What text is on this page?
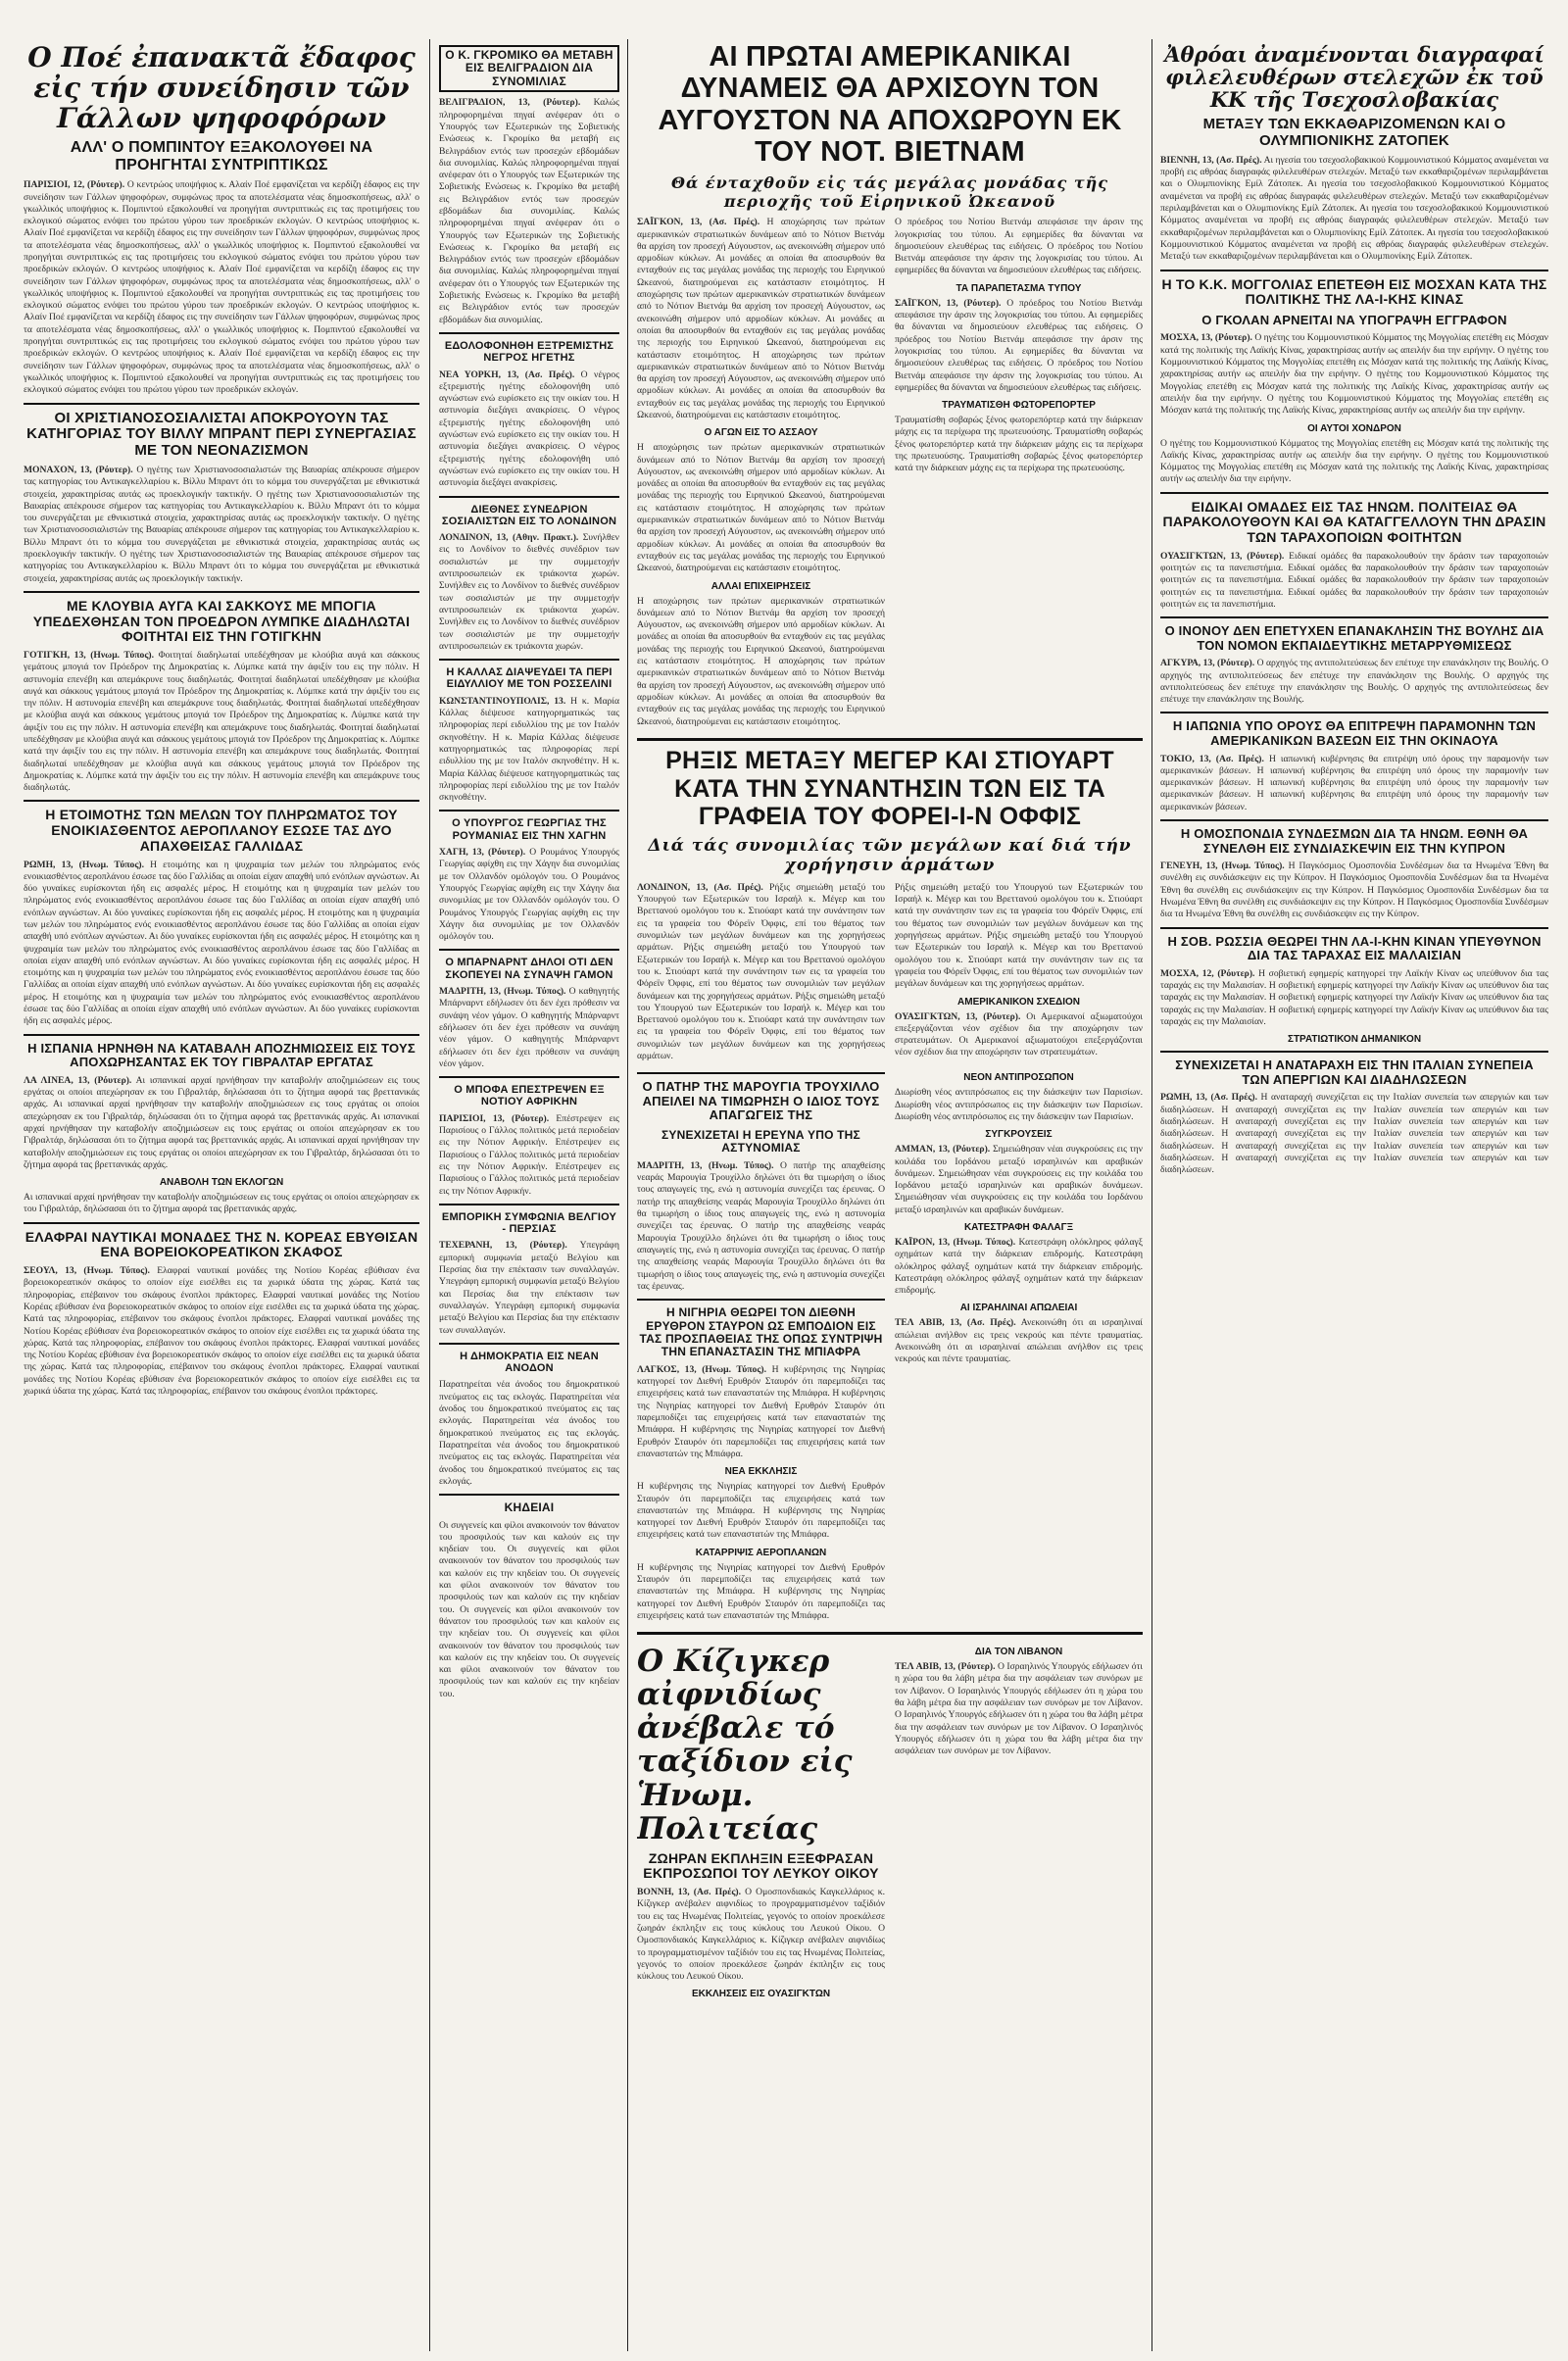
Ο Ποέ ἐπανακτᾶ ἔδαφος εἰς τήν συνείδησιν τῶν Γάλλων ψηφοφόρων
ΑΛΛ' Ο ΠΟΜΠΙΝΤΟΥ ΕΞΑΚΟΛΟΥΘΕΙ ΝΑ ΠΡΟΗΓΗΤΑΙ ΣΥΝΤΡΙΠΤΙΚΩΣ

ΠΑΡΙΣΙΟΙ, 12, (Ρόυτερ). Ο κεντρώος υποψήφιος κ. Αλαίν Ποέ εμφανίζεται να κερδίζη έδαφος εις την συνείδησιν των Γάλλων ψηφοφόρων, συμφώνως προς τα αποτελέσματα νέας δημοσκοπήσεως, αλλ' ο γκωλλικός υποψήφιος κ. Πομπιντού εξακολουθεί να προηγήται συντριπτικώς εις τας προτιμήσεις του εκλογικού σώματος ενόψει του πρώτου γύρου των προεδρικών εκλογών. Ο κεντρώος υποψήφιος κ. Αλαίν Ποέ εμφανίζεται να κερδίζη έδαφος εις την συνείδησιν των Γάλλων ψηφοφόρων, συμφώνως προς τα αποτελέσματα νέας δημοσκοπήσεως, αλλ' ο γκωλλικός υποψήφιος κ. Πομπιντού εξακολουθεί να προηγήται συντριπτικώς εις τας προτιμήσεις του εκλογικού σώματος ενόψει του πρώτου γύρου των προεδρικών εκλογών. Ο κεντρώος υποψήφιος κ. Αλαίν Ποέ εμφανίζεται να κερδίζη έδαφος εις την συνείδησιν των Γάλλων ψηφοφόρων, συμφώνως προς τα αποτελέσματα νέας δημοσκοπήσεως, αλλ' ο γκωλλικός υποψήφιος κ. Πομπιντού εξακολουθεί να προηγήται συντριπτικώς εις τας προτιμήσεις του εκλογικού σώματος ενόψει του πρώτου γύρου των προεδρικών εκλογών. Ο κεντρώος υποψήφιος κ. Αλαίν Ποέ εμφανίζεται να κερδίζη έδαφος εις την συνείδησιν των Γάλλων ψηφοφόρων, συμφώνως προς τα αποτελέσματα νέας δημοσκοπήσεως, αλλ' ο γκωλλικός υποψήφιος κ. Πομπιντού εξακολουθεί να προηγήται συντριπτικώς εις τας προτιμήσεις του εκλογικού σώματος ενόψει του πρώτου γύρου των προεδρικών εκλογών. Ο κεντρώος υποψήφιος κ. Αλαίν Ποέ εμφανίζεται να κερδίζη έδαφος εις την συνείδησιν των Γάλλων ψηφοφόρων, συμφώνως προς τα αποτελέσματα νέας δημοσκοπήσεως, αλλ' ο γκωλλικός υποψήφιος κ. Πομπιντού εξακολουθεί να προηγήται συντριπτικώς εις τας προτιμήσεις του εκλογικού σώματος ενόψει του πρώτου γύρου των προεδρικών εκλογών.

ΟΙ ΧΡΙΣΤΙΑΝΟΣΟΣΙΑΛΙΣΤΑΙ ΑΠΟΚΡΟΥΟΥΝ ΤΑΣ ΚΑΤΗΓΟΡΙΑΣ ΤΟΥ ΒΙΛΛΥ ΜΠΡΑΝΤ ΠΕΡΙ ΣΥΝΕΡΓΑΣΙΑΣ ΜΕ ΤΟΝ ΝΕΟΝΑΖΙΣΜΟΝ

ΜΟΝΑΧΟΝ, 13, (Ρόυτερ). Ο ηγέτης των Χριστιανοσοσιαλιστών της Βαυαρίας απέκρουσε σήμερον τας κατηγορίας του Αντικαγκελλαρίου κ. Βίλλυ Μπραντ ότι το κόμμα του συνεργάζεται με εθνικιστικά στοιχεία, χαρακτηρίσας αυτάς ως προεκλογικήν τακτικήν. Ο ηγέτης των Χριστιανοσοσιαλιστών της Βαυαρίας απέκρουσε σήμερον τας κατηγορίας του Αντικαγκελλαρίου κ. Βίλλυ Μπραντ ότι το κόμμα του συνεργάζεται με εθνικιστικά στοιχεία, χαρακτηρίσας αυτάς ως προεκλογικήν τακτικήν. Ο ηγέτης των Χριστιανοσοσιαλιστών της Βαυαρίας απέκρουσε σήμερον τας κατηγορίας του Αντικαγκελλαρίου κ. Βίλλυ Μπραντ ότι το κόμμα του συνεργάζεται με εθνικιστικά στοιχεία, χαρακτηρίσας αυτάς ως προεκλογικήν τακτικήν. Ο ηγέτης των Χριστιανοσοσιαλιστών της Βαυαρίας απέκρουσε σήμερον τας κατηγορίας του Αντικαγκελλαρίου κ. Βίλλυ Μπραντ ότι το κόμμα του συνεργάζεται με εθνικιστικά στοιχεία, χαρακτηρίσας αυτάς ως προεκλογικήν τακτικήν.

ΜΕ ΚΛΟΥΒΙΑ ΑΥΓΑ ΚΑΙ ΣΑΚΚΟΥΣ ΜΕ ΜΠΟΓΙΑ ΥΠΕΔΕΧΘΗΣΑΝ ΤΟΝ ΠΡΟΕΔΡΟΝ ΛΥΜΠΚΕ ΔΙΑΔΗΛΩΤΑΙ ΦΟΙΤΗΤΑΙ ΕΙΣ ΤΗΝ ΓΟΤΙΓΚΗΝ

ΓΟΤΙΓΚΗ, 13, (Ηνωμ. Τύπος). Φοιτηταί διαδηλωταί υπεδέχθησαν με κλούβια αυγά και σάκκους γεμάτους μπογιά τον Πρόεδρον της Δημοκρατίας κ. Λύμπκε κατά την άφιξίν του εις την πόλιν. Η αστυνομία επενέβη και απεμάκρυνε τους διαδηλωτάς. Φοιτηταί διαδηλωταί υπεδέχθησαν με κλούβια αυγά και σάκκους γεμάτους μπογιά τον Πρόεδρον της Δημοκρατίας κ. Λύμπκε κατά την άφιξίν του εις την πόλιν. Η αστυνομία επενέβη και απεμάκρυνε τους διαδηλωτάς. Φοιτηταί διαδηλωταί υπεδέχθησαν με κλούβια αυγά και σάκκους γεμάτους μπογιά τον Πρόεδρον της Δημοκρατίας κ. Λύμπκε κατά την άφιξίν του εις την πόλιν. Η αστυνομία επενέβη και απεμάκρυνε τους διαδηλωτάς. Φοιτηταί διαδηλωταί υπεδέχθησαν με κλούβια αυγά και σάκκους γεμάτους μπογιά τον Πρόεδρον της Δημοκρατίας κ. Λύμπκε κατά την άφιξίν του εις την πόλιν. Η αστυνομία επενέβη και απεμάκρυνε τους διαδηλωτάς. Φοιτηταί διαδηλωταί υπεδέχθησαν με κλούβια αυγά και σάκκους γεμάτους μπογιά τον Πρόεδρον της Δημοκρατίας κ. Λύμπκε κατά την άφιξίν του εις την πόλιν. Η αστυνομία επενέβη και απεμάκρυνε τους διαδηλωτάς.

Η ΕΤΟΙΜΟΤΗΣ ΤΩΝ ΜΕΛΩΝ ΤΟΥ ΠΛΗΡΩΜΑΤΟΣ ΤΟΥ ΕΝΟΙΚΙΑΣΘΕΝΤΟΣ ΑΕΡΟΠΛΑΝΟΥ ΕΣΩΣΕ ΤΑΣ ΔΥΟ ΑΠΑΧΘΕΙΣΑΣ ΓΑΛΛΙΔΑΣ

ΡΩΜΗ, 13, (Ηνωμ. Τύπος). Η ετοιμότης και η ψυχραιμία των μελών του πληρώματος ενός ενοικιασθέντος αεροπλάνου έσωσε τας δύο Γαλλίδας αι οποίαι είχαν απαχθή υπό ενόπλων αγνώστων. Αι δύο γυναίκες ευρίσκονται ήδη εις ασφαλές μέρος. Η ετοιμότης και η ψυχραιμία των μελών του πληρώματος ενός ενοικιασθέντος αεροπλάνου έσωσε τας δύο Γαλλίδας αι οποίαι είχαν απαχθή υπό ενόπλων αγνώστων. Αι δύο γυναίκες ευρίσκονται ήδη εις ασφαλές μέρος. Η ετοιμότης και η ψυχραιμία των μελών του πληρώματος ενός ενοικιασθέντος αεροπλάνου έσωσε τας δύο Γαλλίδας αι οποίαι είχαν απαχθή υπό ενόπλων αγνώστων. Αι δύο γυναίκες ευρίσκονται ήδη εις ασφαλές μέρος. Η ετοιμότης και η ψυχραιμία των μελών του πληρώματος ενός ενοικιασθέντος αεροπλάνου έσωσε τας δύο Γαλλίδας αι οποίαι είχαν απαχθή υπό ενόπλων αγνώστων. Αι δύο γυναίκες ευρίσκονται ήδη εις ασφαλές μέρος. Η ετοιμότης και η ψυχραιμία των μελών του πληρώματος ενός ενοικιασθέντος αεροπλάνου έσωσε τας δύο Γαλλίδας αι οποίαι είχαν απαχθή υπό ενόπλων αγνώστων. Αι δύο γυναίκες ευρίσκονται ήδη εις ασφαλές μέρος. Η ετοιμότης και η ψυχραιμία των μελών του πληρώματος ενός ενοικιασθέντος αεροπλάνου έσωσε τας δύο Γαλλίδας αι οποίαι είχαν απαχθή υπό ενόπλων αγνώστων. Αι δύο γυναίκες ευρίσκονται ήδη εις ασφαλές μέρος.

Η ΙΣΠΑΝΙΑ ΗΡΝΗΘΗ ΝΑ ΚΑΤΑΒΑΛΗ ΑΠΟΖΗΜΙΩΣΕΙΣ ΕΙΣ ΤΟΥΣ ΑΠΟΧΩΡΗΣΑΝΤΑΣ ΕΚ ΤΟΥ ΓΙΒΡΑΛΤΑΡ ΕΡΓΑΤΑΣ

ΛΑ ΛΙΝΕΑ, 13, (Ρόυτερ). Αι ισπανικαί αρχαί ηρνήθησαν την καταβολήν αποζημιώσεων εις τους εργάτας οι οποίοι απεχώρησαν εκ του Γιβραλτάρ, δηλώσασαι ότι το ζήτημα αφορά τας βρεττανικάς αρχάς. Αι ισπανικαί αρχαί ηρνήθησαν την καταβολήν αποζημιώσεων εις τους εργάτας οι οποίοι απεχώρησαν εκ του Γιβραλτάρ, δηλώσασαι ότι το ζήτημα αφορά τας βρεττανικάς αρχάς. Αι ισπανικαί αρχαί ηρνήθησαν την καταβολήν αποζημιώσεων εις τους εργάτας οι οποίοι απεχώρησαν εκ του Γιβραλτάρ, δηλώσασαι ότι το ζήτημα αφορά τας βρεττανικάς αρχάς. Αι ισπανικαί αρχαί ηρνήθησαν την καταβολήν αποζημιώσεων εις τους εργάτας οι οποίοι απεχώρησαν εκ του Γιβραλτάρ, δηλώσασαι ότι το ζήτημα αφορά τας βρεττανικάς αρχάς.

ΑΝΑΒΟΛΗ ΤΩΝ ΕΚΛΟΓΩΝ

Αι ισπανικαί αρχαί ηρνήθησαν την καταβολήν αποζημιώσεων εις τους εργάτας οι οποίοι απεχώρησαν εκ του Γιβραλτάρ, δηλώσασαι ότι το ζήτημα αφορά τας βρεττανικάς αρχάς.

ΕΛΑΦΡΑΙ ΝΑΥΤΙΚΑΙ ΜΟΝΑΔΕΣ ΤΗΣ Ν. ΚΟΡΕΑΣ ΕΒΥΘΙΣΑΝ ΕΝΑ ΒΟΡΕΙΟΚΟΡΕΑΤΙΚΟΝ ΣΚΑΦΟΣ

ΣΕΟΥΛ, 13, (Ηνωμ. Τύπος). Ελαφραί ναυτικαί μονάδες της Νοτίου Κορέας εβύθισαν ένα βορειοκορεατικόν σκάφος το οποίον είχε εισέλθει εις τα χωρικά ύδατα της χώρας. Κατά τας πληροφορίας, επέβαινον του σκάφους ένοπλοι πράκτορες. Ελαφραί ναυτικαί μονάδες της Νοτίου Κορέας εβύθισαν ένα βορειοκορεατικόν σκάφος το οποίον είχε εισέλθει εις τα χωρικά ύδατα της χώρας. Κατά τας πληροφορίας, επέβαινον του σκάφους ένοπλοι πράκτορες. Ελαφραί ναυτικαί μονάδες της Νοτίου Κορέας εβύθισαν ένα βορειοκορεατικόν σκάφος το οποίον είχε εισέλθει εις τα χωρικά ύδατα της χώρας. Κατά τας πληροφορίας, επέβαινον του σκάφους ένοπλοι πράκτορες. Ελαφραί ναυτικαί μονάδες της Νοτίου Κορέας εβύθισαν ένα βορειοκορεατικόν σκάφος το οποίον είχε εισέλθει εις τα χωρικά ύδατα της χώρας. Κατά τας πληροφορίας, επέβαινον του σκάφους ένοπλοι πράκτορες. Ελαφραί ναυτικαί μονάδες της Νοτίου Κορέας εβύθισαν ένα βορειοκορεατικόν σκάφος το οποίον είχε εισέλθει εις τα χωρικά ύδατα της χώρας. Κατά τας πληροφορίας, επέβαινον του σκάφους ένοπλοι πράκτορες.

Ο Κ. ΓΚΡΟΜΙΚΟ ΘΑ ΜΕΤΑΒΗ ΕΙΣ ΒΕΛΙΓΡΑΔΙΟΝ ΔΙΑ ΣΥΝΟΜΙΛΙΑΣ

ΒΕΛΙΓΡΑΔΙΟΝ, 13, (Ρόυτερ). Καλώς πληροφορημέναι πηγαί ανέφεραν ότι ο Υπουργός των Εξωτερικών της Σοβιετικής Ενώσεως κ. Γκρομίκο θα μεταβή εις Βελιγράδιον εντός των προσεχών εβδομάδων δια συνομιλίας. Καλώς πληροφορημέναι πηγαί ανέφεραν ότι ο Υπουργός των Εξωτερικών της Σοβιετικής Ενώσεως κ. Γκρομίκο θα μεταβή εις Βελιγράδιον εντός των προσεχών εβδομάδων δια συνομιλίας. Καλώς πληροφορημέναι πηγαί ανέφεραν ότι ο Υπουργός των Εξωτερικών της Σοβιετικής Ενώσεως κ. Γκρομίκο θα μεταβή εις Βελιγράδιον εντός των προσεχών εβδομάδων δια συνομιλίας. Καλώς πληροφορημέναι πηγαί ανέφεραν ότι ο Υπουργός των Εξωτερικών της Σοβιετικής Ενώσεως κ. Γκρομίκο θα μεταβή εις Βελιγράδιον εντός των προσεχών εβδομάδων δια συνομιλίας.

ΕΔΟΛΟΦΟΝΗΘΗ ΕΞΤΡΕΜΙΣΤΗΣ ΝΕΓΡΟΣ ΗΓΕΤΗΣ

ΝΕΑ ΥΟΡΚΗ, 13, (Ασ. Πρές). Ο νέγρος εξτρεμιστής ηγέτης εδολοφονήθη υπό αγνώστων ενώ ευρίσκετο εις την οικίαν του. Η αστυνομία διεξάγει ανακρίσεις. Ο νέγρος εξτρεμιστής ηγέτης εδολοφονήθη υπό αγνώστων ενώ ευρίσκετο εις την οικίαν του. Η αστυνομία διεξάγει ανακρίσεις. Ο νέγρος εξτρεμιστής ηγέτης εδολοφονήθη υπό αγνώστων ενώ ευρίσκετο εις την οικίαν του. Η αστυνομία διεξάγει ανακρίσεις.

ΔΙΕΘΝΕΣ ΣΥΝΕΔΡΙΟΝ ΣΟΣΙΑΛΙΣΤΩΝ ΕΙΣ ΤΟ ΛΟΝΔΙΝΟΝ

ΛΟΝΔΙΝΟΝ, 13, (Αθην. Πρακτ.). Συνήλθεν εις το Λονδίνον το διεθνές συνέδριον των σοσιαλιστών με την συμμετοχήν αντιπροσωπειών εκ τριάκοντα χωρών. Συνήλθεν εις το Λονδίνον το διεθνές συνέδριον των σοσιαλιστών με την συμμετοχήν αντιπροσωπειών εκ τριάκοντα χωρών. Συνήλθεν εις το Λονδίνον το διεθνές συνέδριον των σοσιαλιστών με την συμμετοχήν αντιπροσωπειών εκ τριάκοντα χωρών.

Η ΚΑΛΛΑΣ ΔΙΑΨΕΥΔΕΙ ΤΑ ΠΕΡΙ ΕΙΔΥΛΛΙΟΥ ΜΕ ΤΟΝ ΡΟΣΣΕΛΙΝΙ

ΚΩΝΣΤΑΝΤΙΝΟΥΠΟΛΙΣ, 13. Η κ. Μαρία Κάλλας διέψευσε κατηγορηματικώς τας πληροφορίας περί ειδυλλίου της με τον Ιταλόν σκηνοθέτην. Η κ. Μαρία Κάλλας διέψευσε κατηγορηματικώς τας πληροφορίας περί ειδυλλίου της με τον Ιταλόν σκηνοθέτην. Η κ. Μαρία Κάλλας διέψευσε κατηγορηματικώς τας πληροφορίας περί ειδυλλίου της με τον Ιταλόν σκηνοθέτην.

Ο ΥΠΟΥΡΓΟΣ ΓΕΩΡΓΙΑΣ ΤΗΣ ΡΟΥΜΑΝΙΑΣ ΕΙΣ ΤΗΝ ΧΑΓΗΝ

ΧΑΓΗ, 13, (Ρόυτερ). Ο Ρουμάνος Υπουργός Γεωργίας αφίχθη εις την Χάγην δια συνομιλίας με τον Ολλανδόν ομόλογόν του. Ο Ρουμάνος Υπουργός Γεωργίας αφίχθη εις την Χάγην δια συνομιλίας με τον Ολλανδόν ομόλογόν του. Ο Ρουμάνος Υπουργός Γεωργίας αφίχθη εις την Χάγην δια συνομιλίας με τον Ολλανδόν ομόλογόν του.

Ο ΜΠΑΡΝΑΡΝΤ ΔΗΛΟΙ ΟΤΙ ΔΕΝ ΣΚΟΠΕΥΕΙ ΝΑ ΣΥΝΑΨΗ ΓΑΜΟΝ

ΜΑΔΡΙΤΗ, 13, (Ηνωμ. Τύπος). Ο καθηγητής Μπάρναρντ εδήλωσεν ότι δεν έχει πρόθεσιν να συνάψη νέον γάμον. Ο καθηγητής Μπάρναρντ εδήλωσεν ότι δεν έχει πρόθεσιν να συνάψη νέον γάμον. Ο καθηγητής Μπάρναρντ εδήλωσεν ότι δεν έχει πρόθεσιν να συνάψη νέον γάμον.

Ο ΜΠΟΦΑ ΕΠΕΣΤΡΕΨΕΝ ΕΞ ΝΟΤΙΟΥ ΑΦΡΙΚΗΝ

ΠΑΡΙΣΙΟΙ, 13, (Ρόυτερ). Επέστρεψεν εις Παρισίους ο Γάλλος πολιτικός μετά περιοδείαν εις την Νότιον Αφρικήν. Επέστρεψεν εις Παρισίους ο Γάλλος πολιτικός μετά περιοδείαν εις την Νότιον Αφρικήν. Επέστρεψεν εις Παρισίους ο Γάλλος πολιτικός μετά περιοδείαν εις την Νότιον Αφρικήν.

ΕΜΠΟΡΙΚΗ ΣΥΜΦΩΝΙΑ ΒΕΛΓΙΟΥ - ΠΕΡΣΙΑΣ

ΤΕΧΕΡΑΝΗ, 13, (Ρόυτερ). Υπεγράφη εμπορική συμφωνία μεταξύ Βελγίου και Περσίας δια την επέκτασιν των συναλλαγών. Υπεγράφη εμπορική συμφωνία μεταξύ Βελγίου και Περσίας δια την επέκτασιν των συναλλαγών. Υπεγράφη εμπορική συμφωνία μεταξύ Βελγίου και Περσίας δια την επέκτασιν των συναλλαγών.

Η ΔΗΜΟΚΡΑΤΙΑ ΕΙΣ ΝΕΑΝ ΑΝΟΔΟΝ

Παρατηρείται νέα άνοδος του δημοκρατικού πνεύματος εις τας εκλογάς. Παρατηρείται νέα άνοδος του δημοκρατικού πνεύματος εις τας εκλογάς. Παρατηρείται νέα άνοδος του δημοκρατικού πνεύματος εις τας εκλογάς. Παρατηρείται νέα άνοδος του δημοκρατικού πνεύματος εις τας εκλογάς. Παρατηρείται νέα άνοδος του δημοκρατικού πνεύματος εις τας εκλογάς.

ΚΗΔΕΙΑΙ

Οι συγγενείς και φίλοι ανακοινούν τον θάνατον του προσφιλούς των και καλούν εις την κηδείαν του. Οι συγγενείς και φίλοι ανακοινούν τον θάνατον του προσφιλούς των και καλούν εις την κηδείαν του. Οι συγγενείς και φίλοι ανακοινούν τον θάνατον του προσφιλούς των και καλούν εις την κηδείαν του. Οι συγγενείς και φίλοι ανακοινούν τον θάνατον του προσφιλούς των και καλούν εις την κηδείαν του. Οι συγγενείς και φίλοι ανακοινούν τον θάνατον του προσφιλούς των και καλούν εις την κηδείαν του. Οι συγγενείς και φίλοι ανακοινούν τον θάνατον του προσφιλούς των και καλούν εις την κηδείαν του.

ΑΙ ΠΡΩΤΑΙ ΑΜΕΡΙΚΑΝΙΚΑΙ ΔΥΝΑΜΕΙΣ ΘΑ ΑΡΧΙΣΟΥΝ ΤΟΝ ΑΥΓΟΥΣΤΟΝ ΝΑ ΑΠΟΧΩΡΟΥΝ ΕΚ ΤΟΥ ΝΟΤ. ΒΙΕΤΝΑΜ
Θά ένταχθοῦν εἰς τάς μεγάλας μονάδας τῆς περιοχῆς τοῦ Εἰρηνικοῦ Ὠκεανοῦ

ΣΑΪΓΚΟΝ, 13, (Ασ. Πρές). Η αποχώρησις των πρώτων αμερικανικών στρατιωτικών δυνάμεων από το Νότιον Βιετνάμ θα αρχίση τον προσεχή Αύγουστον, ως ανεκοινώθη σήμερον υπό αρμοδίων κύκλων. Αι μονάδες αι οποίαι θα αποσυρθούν θα ενταχθούν εις τας μεγάλας μονάδας της περιοχής του Ειρηνικού Ωκεανού, διατηρούμεναι εις κατάστασιν ετοιμότητος. Η αποχώρησις των πρώτων αμερικανικών στρατιωτικών δυνάμεων από το Νότιον Βιετνάμ θα αρχίση τον προσεχή Αύγουστον, ως ανεκοινώθη σήμερον υπό αρμοδίων κύκλων. Αι μονάδες αι οποίαι θα αποσυρθούν θα ενταχθούν εις τας μεγάλας μονάδας της περιοχής του Ειρηνικού Ωκεανού, διατηρούμεναι εις κατάστασιν ετοιμότητος. Η αποχώρησις των πρώτων αμερικανικών στρατιωτικών δυνάμεων από το Νότιον Βιετνάμ θα αρχίση τον προσεχή Αύγουστον, ως ανεκοινώθη σήμερον υπό αρμοδίων κύκλων. Αι μονάδες αι οποίαι θα αποσυρθούν θα ενταχθούν εις τας μεγάλας μονάδας της περιοχής του Ειρηνικού Ωκεανού, διατηρούμεναι εις κατάστασιν ετοιμότητος.

Ο ΑΓΩΝ ΕΙΣ ΤΟ ΑΣΣΑΟΥ

Η αποχώρησις των πρώτων αμερικανικών στρατιωτικών δυνάμεων από το Νότιον Βιετνάμ θα αρχίση τον προσεχή Αύγουστον, ως ανεκοινώθη σήμερον υπό αρμοδίων κύκλων. Αι μονάδες αι οποίαι θα αποσυρθούν θα ενταχθούν εις τας μεγάλας μονάδας της περιοχής του Ειρηνικού Ωκεανού, διατηρούμεναι εις κατάστασιν ετοιμότητος. Η αποχώρησις των πρώτων αμερικανικών στρατιωτικών δυνάμεων από το Νότιον Βιετνάμ θα αρχίση τον προσεχή Αύγουστον, ως ανεκοινώθη σήμερον υπό αρμοδίων κύκλων. Αι μονάδες αι οποίαι θα αποσυρθούν θα ενταχθούν εις τας μεγάλας μονάδας της περιοχής του Ειρηνικού Ωκεανού, διατηρούμεναι εις κατάστασιν ετοιμότητος.

ΑΛΛΑΙ ΕΠΙΧΕΙΡΗΣΕΙΣ

Η αποχώρησις των πρώτων αμερικανικών στρατιωτικών δυνάμεων από το Νότιον Βιετνάμ θα αρχίση τον προσεχή Αύγουστον, ως ανεκοινώθη σήμερον υπό αρμοδίων κύκλων. Αι μονάδες αι οποίαι θα αποσυρθούν θα ενταχθούν εις τας μεγάλας μονάδας της περιοχής του Ειρηνικού Ωκεανού, διατηρούμεναι εις κατάστασιν ετοιμότητος. Η αποχώρησις των πρώτων αμερικανικών στρατιωτικών δυνάμεων από το Νότιον Βιετνάμ θα αρχίση τον προσεχή Αύγουστον, ως ανεκοινώθη σήμερον υπό αρμοδίων κύκλων. Αι μονάδες αι οποίαι θα αποσυρθούν θα ενταχθούν εις τας μεγάλας μονάδας της περιοχής του Ειρηνικού Ωκεανού, διατηρούμεναι εις κατάστασιν ετοιμότητος.

Ο πρόεδρος του Νοτίου Βιετνάμ απεφάσισε την άρσιν της λογοκρισίας του τύπου. Αι εφημερίδες θα δύνανται να δημοσιεύουν ελευθέρως τας ειδήσεις. Ο πρόεδρος του Νοτίου Βιετνάμ απεφάσισε την άρσιν της λογοκρισίας του τύπου. Αι εφημερίδες θα δύνανται να δημοσιεύουν ελευθέρως τας ειδήσεις.

ΤΑ ΠΑΡΑΠΕΤΑΣΜΑ ΤΥΠΟΥ

ΣΑΪΓΚΟΝ, 13, (Ρόυτερ). Ο πρόεδρος του Νοτίου Βιετνάμ απεφάσισε την άρσιν της λογοκρισίας του τύπου. Αι εφημερίδες θα δύνανται να δημοσιεύουν ελευθέρως τας ειδήσεις. Ο πρόεδρος του Νοτίου Βιετνάμ απεφάσισε την άρσιν της λογοκρισίας του τύπου. Αι εφημερίδες θα δύνανται να δημοσιεύουν ελευθέρως τας ειδήσεις. Ο πρόεδρος του Νοτίου Βιετνάμ απεφάσισε την άρσιν της λογοκρισίας του τύπου. Αι εφημερίδες θα δύνανται να δημοσιεύουν ελευθέρως τας ειδήσεις.

ΤΡΑΥΜΑΤΙΣΘΗ ΦΩΤΟΡΕΠΟΡΤΕΡ

Τραυματίσθη σοβαρώς ξένος φωτορεπόρτερ κατά την διάρκειαν μάχης εις τα περίχωρα της πρωτευούσης. Τραυματίσθη σοβαρώς ξένος φωτορεπόρτερ κατά την διάρκειαν μάχης εις τα περίχωρα της πρωτευούσης. Τραυματίσθη σοβαρώς ξένος φωτορεπόρτερ κατά την διάρκειαν μάχης εις τα περίχωρα της πρωτευούσης.

ΡΗΞΙΣ ΜΕΤΑΞΥ ΜΕΓΕΡ ΚΑΙ ΣΤΙΟΥΑΡΤ ΚΑΤΑ ΤΗΝ ΣΥΝΑΝΤΗΣΙΝ ΤΩΝ ΕΙΣ ΤΑ ΓΡΑΦΕΙΑ ΤΟΥ ΦΟΡΕΙ-Ι-Ν ΟΦΦΙΣ
Διά τάς συνομιλίας τῶν μεγάλων καί διά τήν χορήγησιν ἁρμάτων

ΛΟΝΔΙΝΟΝ, 13, (Ασ. Πρές). Ρήξις σημειώθη μεταξύ του Υπουργού των Εξωτερικών του Ισραήλ κ. Μέγερ και του Βρεττανού ομολόγου του κ. Στιούαρτ κατά την συνάντησιν των εις τα γραφεία του Φόρεϊν Όφφις, επί του θέματος των συνομιλιών των μεγάλων δυνάμεων και της χορηγήσεως αρμάτων. Ρήξις σημειώθη μεταξύ του Υπουργού των Εξωτερικών του Ισραήλ κ. Μέγερ και του Βρεττανού ομολόγου του κ. Στιούαρτ κατά την συνάντησιν των εις τα γραφεία του Φόρεϊν Όφφις, επί του θέματος των συνομιλιών των μεγάλων δυνάμεων και της χορηγήσεως αρμάτων. Ρήξις σημειώθη μεταξύ του Υπουργού των Εξωτερικών του Ισραήλ κ. Μέγερ και του Βρεττανού ομολόγου του κ. Στιούαρτ κατά την συνάντησιν των εις τα γραφεία του Φόρεϊν Όφφις, επί του θέματος των συνομιλιών των μεγάλων δυνάμεων και της χορηγήσεως αρμάτων.

Ρήξις σημειώθη μεταξύ του Υπουργού των Εξωτερικών του Ισραήλ κ. Μέγερ και του Βρεττανού ομολόγου του κ. Στιούαρτ κατά την συνάντησιν των εις τα γραφεία του Φόρεϊν Όφφις, επί του θέματος των συνομιλιών των μεγάλων δυνάμεων και της χορηγήσεως αρμάτων. Ρήξις σημειώθη μεταξύ του Υπουργού των Εξωτερικών του Ισραήλ κ. Μέγερ και του Βρεττανού ομολόγου του κ. Στιούαρτ κατά την συνάντησιν των εις τα γραφεία του Φόρεϊν Όφφις, επί του θέματος των συνομιλιών των μεγάλων δυνάμεων και της χορηγήσεως αρμάτων.

ΑΜΕΡΙΚΑΝΙΚΟΝ ΣΧΕΔΙΟΝ

ΟΥΑΣΙΓΚΤΩΝ, 13, (Ρόυτερ). Οι Αμερικανοί αξιωματούχοι επεξεργάζονται νέον σχέδιον δια την αποχώρησιν των στρατευμάτων. Οι Αμερικανοί αξιωματούχοι επεξεργάζονται νέον σχέδιον δια την αποχώρησιν των στρατευμάτων.

Ο ΠΑΤΗΡ ΤΗΣ ΜΑΡΟΥΓΙΑ ΤΡΟΥΧΙΛΛΟ ΑΠΕΙΛΕΙ ΝΑ ΤΙΜΩΡΗΣΗ Ο ΙΔΙΟΣ ΤΟΥΣ ΑΠΑΓΩΓΕΙΣ ΤΗΣ
ΣΥΝΕΧΙΖΕΤΑΙ Η ΕΡΕΥΝΑ ΥΠΟ ΤΗΣ ΑΣΤΥΝΟΜΙΑΣ

ΜΑΔΡΙΤΗ, 13, (Ηνωμ. Τύπος). Ο πατήρ της απαχθείσης νεαράς Μαρουγία Τρουχίλλο δηλώνει ότι θα τιμωρήση ο ίδιος τους απαγωγείς της, ενώ η αστυνομία συνεχίζει τας έρευνας. Ο πατήρ της απαχθείσης νεαράς Μαρουγία Τρουχίλλο δηλώνει ότι θα τιμωρήση ο ίδιος τους απαγωγείς της, ενώ η αστυνομία συνεχίζει τας έρευνας. Ο πατήρ της απαχθείσης νεαράς Μαρουγία Τρουχίλλο δηλώνει ότι θα τιμωρήση ο ίδιος τους απαγωγείς της, ενώ η αστυνομία συνεχίζει τας έρευνας. Ο πατήρ της απαχθείσης νεαράς Μαρουγία Τρουχίλλο δηλώνει ότι θα τιμωρήση ο ίδιος τους απαγωγείς της, ενώ η αστυνομία συνεχίζει τας έρευνας.

Η ΝΙΓΗΡΙΑ ΘΕΩΡΕΙ ΤΟΝ ΔΙΕΘΝΗ ΕΡΥΘΡΟΝ ΣΤΑΥΡΟΝ ΩΣ ΕΜΠΟΔΙΟΝ ΕΙΣ ΤΑΣ ΠΡΟΣΠΑΘΕΙΑΣ ΤΗΣ ΟΠΩΣ ΣΥΝΤΡΙΨΗ ΤΗΝ ΕΠΑΝΑΣΤΑΣΙΝ ΤΗΣ ΜΠΙΑΦΡΑ

ΛΑΓΚΟΣ, 13, (Ηνωμ. Τύπος). Η κυβέρνησις της Νιγηρίας κατηγορεί τον Διεθνή Ερυθρόν Σταυρόν ότι παρεμποδίζει τας επιχειρήσεις κατά των επαναστατών της Μπιάφρα. Η κυβέρνησις της Νιγηρίας κατηγορεί τον Διεθνή Ερυθρόν Σταυρόν ότι παρεμποδίζει τας επιχειρήσεις κατά των επαναστατών της Μπιάφρα. Η κυβέρνησις της Νιγηρίας κατηγορεί τον Διεθνή Ερυθρόν Σταυρόν ότι παρεμποδίζει τας επιχειρήσεις κατά των επαναστατών της Μπιάφρα.

ΝΕΑ ΕΚΚΛΗΣΙΣ

Η κυβέρνησις της Νιγηρίας κατηγορεί τον Διεθνή Ερυθρόν Σταυρόν ότι παρεμποδίζει τας επιχειρήσεις κατά των επαναστατών της Μπιάφρα. Η κυβέρνησις της Νιγηρίας κατηγορεί τον Διεθνή Ερυθρόν Σταυρόν ότι παρεμποδίζει τας επιχειρήσεις κατά των επαναστατών της Μπιάφρα.

ΚΑΤΑΡΡΙΨΙΣ ΑΕΡΟΠΛΑΝΩΝ

Η κυβέρνησις της Νιγηρίας κατηγορεί τον Διεθνή Ερυθρόν Σταυρόν ότι παρεμποδίζει τας επιχειρήσεις κατά των επαναστατών της Μπιάφρα. Η κυβέρνησις της Νιγηρίας κατηγορεί τον Διεθνή Ερυθρόν Σταυρόν ότι παρεμποδίζει τας επιχειρήσεις κατά των επαναστατών της Μπιάφρα.

ΝΕΟΝ ΑΝΤΙΠΡΟΣΩΠΟΝ

Διωρίσθη νέος αντιπρόσωπος εις την διάσκεψιν των Παρισίων. Διωρίσθη νέος αντιπρόσωπος εις την διάσκεψιν των Παρισίων. Διωρίσθη νέος αντιπρόσωπος εις την διάσκεψιν των Παρισίων.

ΣΥΓΚΡΟΥΣΕΙΣ

ΑΜΜΑΝ, 13, (Ρόυτερ). Σημειώθησαν νέαι συγκρούσεις εις την κοιλάδα του Ιορδάνου μεταξύ ισραηλινών και αραβικών δυνάμεων. Σημειώθησαν νέαι συγκρούσεις εις την κοιλάδα του Ιορδάνου μεταξύ ισραηλινών και αραβικών δυνάμεων. Σημειώθησαν νέαι συγκρούσεις εις την κοιλάδα του Ιορδάνου μεταξύ ισραηλινών και αραβικών δυνάμεων.

ΚΑΤΕΣΤΡΑΦΗ ΦΑΛΑΓΞ

ΚΑΪΡΟΝ, 13, (Ηνωμ. Τύπος). Κατεστράφη ολόκληρος φάλαγξ οχημάτων κατά την διάρκειαν επιδρομής. Κατεστράφη ολόκληρος φάλαγξ οχημάτων κατά την διάρκειαν επιδρομής. Κατεστράφη ολόκληρος φάλαγξ οχημάτων κατά την διάρκειαν επιδρομής.

ΑΙ ΙΣΡΑΗΛΙΝΑΙ ΑΠΩΛΕΙΑΙ

ΤΕΛ ΑΒΙΒ, 13, (Ασ. Πρές). Ανεκοινώθη ότι αι ισραηλιναί απώλειαι ανήλθον εις τρεις νεκρούς και πέντε τραυματίας. Ανεκοινώθη ότι αι ισραηλιναί απώλειαι ανήλθον εις τρεις νεκρούς και πέντε τραυματίας.

Ο Κίζιγκερ αἰφνιδίως ἀνέβαλε τό ταξίδιον εἰς Ἡνωμ. Πολιτείας
ΖΩΗΡΑΝ ΕΚΠΛΗΞΙΝ ΕΞΕΦΡΑΣΑΝ ΕΚΠΡΟΣΩΠΟΙ ΤΟΥ ΛΕΥΚΟΥ ΟΙΚΟΥ

ΒΟΝΝΗ, 13, (Ασ. Πρές). Ο Ομοσπονδιακός Καγκελλάριος κ. Κίζιγκερ ανέβαλεν αιφνιδίως το προγραμματισμένον ταξίδιόν του εις τας Ηνωμένας Πολιτείας, γεγονός το οποίον προεκάλεσε ζωηράν έκπληξιν εις τους κύκλους του Λευκού Οίκου. Ο Ομοσπονδιακός Καγκελλάριος κ. Κίζιγκερ ανέβαλεν αιφνιδίως το προγραμματισμένον ταξίδιόν του εις τας Ηνωμένας Πολιτείας, γεγονός το οποίον προεκάλεσε ζωηράν έκπληξιν εις τους κύκλους του Λευκού Οίκου.

ΕΚΚΛΗΣΕΙΣ ΕΙΣ ΟΥΑΣΙΓΚΤΩΝ
ΔΙΑ ΤΟΝ ΛΙΒΑΝΟΝ

ΤΕΛ ΑΒΙΒ, 13, (Ρόυτερ). Ο Ισραηλινός Υπουργός εδήλωσεν ότι η χώρα του θα λάβη μέτρα δια την ασφάλειαν των συνόρων με τον Λίβανον. Ο Ισραηλινός Υπουργός εδήλωσεν ότι η χώρα του θα λάβη μέτρα δια την ασφάλειαν των συνόρων με τον Λίβανον. Ο Ισραηλινός Υπουργός εδήλωσεν ότι η χώρα του θα λάβη μέτρα δια την ασφάλειαν των συνόρων με τον Λίβανον. Ο Ισραηλινός Υπουργός εδήλωσεν ότι η χώρα του θα λάβη μέτρα δια την ασφάλειαν των συνόρων με τον Λίβανον.

Ἀθρόαι ἀναμένονται διαγραφαί φιλελευθέρων στελεχῶν ἐκ τοῦ ΚΚ τῆς Τσεχοσλοβακίας
ΜΕΤΑΞΥ ΤΩΝ ΕΚΚΑΘΑΡΙΖΟΜΕΝΩΝ ΚΑΙ Ο ΟΛΥΜΠΙΟΝΙΚΗΣ ΖΑΤΟΠΕΚ

ΒΙΕΝΝΗ, 13, (Ασ. Πρές). Αι ηγεσία του τσεχοσλοβακικού Κομμουνιστικού Κόμματος αναμένεται να προβή εις αθρόας διαγραφάς φιλελευθέρων στελεχών. Μεταξύ των εκκαθαριζομένων περιλαμβάνεται και ο Ολυμπιονίκης Εμίλ Ζάτοπεκ. Αι ηγεσία του τσεχοσλοβακικού Κομμουνιστικού Κόμματος αναμένεται να προβή εις αθρόας διαγραφάς φιλελευθέρων στελεχών. Μεταξύ των εκκαθαριζομένων περιλαμβάνεται και ο Ολυμπιονίκης Εμίλ Ζάτοπεκ. Αι ηγεσία του τσεχοσλοβακικού Κομμουνιστικού Κόμματος αναμένεται να προβή εις αθρόας διαγραφάς φιλελευθέρων στελεχών. Μεταξύ των εκκαθαριζομένων περιλαμβάνεται και ο Ολυμπιονίκης Εμίλ Ζάτοπεκ. Αι ηγεσία του τσεχοσλοβακικού Κομμουνιστικού Κόμματος αναμένεται να προβή εις αθρόας διαγραφάς φιλελευθέρων στελεχών. Μεταξύ των εκκαθαριζομένων περιλαμβάνεται και ο Ολυμπιονίκης Εμίλ Ζάτοπεκ.

Η ΤΟ Κ.Κ. ΜΟΓΓΟΛΙΑΣ ΕΠΕΤΕΘΗ ΕΙΣ ΜΟΣΧΑΝ ΚΑΤΑ ΤΗΣ ΠΟΛΙΤΙΚΗΣ ΤΗΣ ΛΑ-Ι-ΚΗΣ ΚΙΝΑΣ
Ο ΓΚΟΛΑΝ ΑΡΝΕΙΤΑΙ ΝΑ ΥΠΟΓΡΑΨΗ ΕΓΓΡΑΦΟΝ

ΜΟΣΧΑ, 13, (Ρόυτερ). Ο ηγέτης του Κομμουνιστικού Κόμματος της Μογγολίας επετέθη εις Μόσχαν κατά της πολιτικής της Λαϊκής Κίνας, χαρακτηρίσας αυτήν ως απειλήν δια την ειρήνην. Ο ηγέτης του Κομμουνιστικού Κόμματος της Μογγολίας επετέθη εις Μόσχαν κατά της πολιτικής της Λαϊκής Κίνας, χαρακτηρίσας αυτήν ως απειλήν δια την ειρήνην. Ο ηγέτης του Κομμουνιστικού Κόμματος της Μογγολίας επετέθη εις Μόσχαν κατά της πολιτικής της Λαϊκής Κίνας, χαρακτηρίσας αυτήν ως απειλήν δια την ειρήνην. Ο ηγέτης του Κομμουνιστικού Κόμματος της Μογγολίας επετέθη εις Μόσχαν κατά της πολιτικής της Λαϊκής Κίνας, χαρακτηρίσας αυτήν ως απειλήν δια την ειρήνην.

ΟΙ ΑΥΤΟΙ ΧΟΝΔΡΟΝ

Ο ηγέτης του Κομμουνιστικού Κόμματος της Μογγολίας επετέθη εις Μόσχαν κατά της πολιτικής της Λαϊκής Κίνας, χαρακτηρίσας αυτήν ως απειλήν δια την ειρήνην. Ο ηγέτης του Κομμουνιστικού Κόμματος της Μογγολίας επετέθη εις Μόσχαν κατά της πολιτικής της Λαϊκής Κίνας, χαρακτηρίσας αυτήν ως απειλήν δια την ειρήνην.

ΕΙΔΙΚΑΙ ΟΜΑΔΕΣ ΕΙΣ ΤΑΣ ΗΝΩΜ. ΠΟΛΙΤΕΙΑΣ ΘΑ ΠΑΡΑΚΟΛΟΥΘΟΥΝ ΚΑΙ ΘΑ ΚΑΤΑΓΓΕΛΛΟΥΝ ΤΗΝ ΔΡΑΣΙΝ ΤΩΝ ΤΑΡΑΧΟΠΟΙΩΝ ΦΟΙΤΗΤΩΝ

ΟΥΑΣΙΓΚΤΩΝ, 13, (Ρόυτερ). Ειδικαί ομάδες θα παρακολουθούν την δράσιν των ταραχοποιών φοιτητών εις τα πανεπιστήμια. Ειδικαί ομάδες θα παρακολουθούν την δράσιν των ταραχοποιών φοιτητών εις τα πανεπιστήμια. Ειδικαί ομάδες θα παρακολουθούν την δράσιν των ταραχοποιών φοιτητών εις τα πανεπιστήμια. Ειδικαί ομάδες θα παρακολουθούν την δράσιν των ταραχοποιών φοιτητών εις τα πανεπιστήμια.

Ο ΙΝΟΝΟΥ ΔΕΝ ΕΠΕΤΥΧΕΝ ΕΠΑΝΑΚΛΗΣΙΝ ΤΗΣ ΒΟΥΛΗΣ ΔΙΑ ΤΟΝ ΝΟΜΟΝ ΕΚΠΑΙΔΕΥΤΙΚΗΣ ΜΕΤΑΡΡΥΘΜΙΣΕΩΣ

ΑΓΚΥΡΑ, 13, (Ρόυτερ). Ο αρχηγός της αντιπολιτεύσεως δεν επέτυχε την επανάκλησιν της Βουλής. Ο αρχηγός της αντιπολιτεύσεως δεν επέτυχε την επανάκλησιν της Βουλής. Ο αρχηγός της αντιπολιτεύσεως δεν επέτυχε την επανάκλησιν της Βουλής. Ο αρχηγός της αντιπολιτεύσεως δεν επέτυχε την επανάκλησιν της Βουλής.

Η ΙΑΠΩΝΙΑ ΥΠΟ ΟΡΟΥΣ ΘΑ ΕΠΙΤΡΕΨΗ ΠΑΡΑΜΟΝΗΝ ΤΩΝ ΑΜΕΡΙΚΑΝΙΚΩΝ ΒΑΣΕΩΝ ΕΙΣ ΤΗΝ ΟΚΙΝΑΟΥΑ

ΤΟΚΙΟ, 13, (Ασ. Πρές). Η ιαπωνική κυβέρνησις θα επιτρέψη υπό όρους την παραμονήν των αμερικανικών βάσεων. Η ιαπωνική κυβέρνησις θα επιτρέψη υπό όρους την παραμονήν των αμερικανικών βάσεων. Η ιαπωνική κυβέρνησις θα επιτρέψη υπό όρους την παραμονήν των αμερικανικών βάσεων. Η ιαπωνική κυβέρνησις θα επιτρέψη υπό όρους την παραμονήν των αμερικανικών βάσεων.

Η ΟΜΟΣΠΟΝΔΙΑ ΣΥΝΔΕΣΜΩΝ ΔΙΑ ΤΑ ΗΝΩΜ. ΕΘΝΗ ΘΑ ΣΥΝΕΛΘΗ ΕΙΣ ΣΥΝΔΙΑΣΚΕΨΙΝ ΕΙΣ ΤΗΝ ΚΥΠΡΟΝ

ΓΕΝΕΥΗ, 13, (Ηνωμ. Τύπος). Η Παγκόσμιος Ομοσπονδία Συνδέσμων δια τα Ηνωμένα Έθνη θα συνέλθη εις συνδιάσκεψιν εις την Κύπρον. Η Παγκόσμιος Ομοσπονδία Συνδέσμων δια τα Ηνωμένα Έθνη θα συνέλθη εις συνδιάσκεψιν εις την Κύπρον. Η Παγκόσμιος Ομοσπονδία Συνδέσμων δια τα Ηνωμένα Έθνη θα συνέλθη εις συνδιάσκεψιν εις την Κύπρον. Η Παγκόσμιος Ομοσπονδία Συνδέσμων δια τα Ηνωμένα Έθνη θα συνέλθη εις συνδιάσκεψιν εις την Κύπρον.

Η ΣΟΒ. ΡΩΣΣΙΑ ΘΕΩΡΕΙ ΤΗΝ ΛΑ-Ι-ΚΗΝ ΚΙΝΑΝ ΥΠΕΥΘΥΝΟΝ ΔΙΑ ΤΑΣ ΤΑΡΑΧΑΣ ΕΙΣ ΜΑΛΑΙΣΙΑΝ

ΜΟΣΧΑ, 12, (Ρόυτερ). Η σοβιετική εφημερίς κατηγορεί την Λαϊκήν Κίναν ως υπεύθυνον δια τας ταραχάς εις την Μαλαισίαν. Η σοβιετική εφημερίς κατηγορεί την Λαϊκήν Κίναν ως υπεύθυνον δια τας ταραχάς εις την Μαλαισίαν. Η σοβιετική εφημερίς κατηγορεί την Λαϊκήν Κίναν ως υπεύθυνον δια τας ταραχάς εις την Μαλαισίαν. Η σοβιετική εφημερίς κατηγορεί την Λαϊκήν Κίναν ως υπεύθυνον δια τας ταραχάς εις την Μαλαισίαν.

ΣΤΡΑΤΙΩΤΙΚΟΝ ΔΗΜΑΝΙΚΟΝ
ΣΥΝΕΧΙΖΕΤΑΙ Η ΑΝΑΤΑΡΑΧΗ ΕΙΣ ΤΗΝ ΙΤΑΛΙΑΝ ΣΥΝΕΠΕΙΑ ΤΩΝ ΑΠΕΡΓΙΩΝ ΚΑΙ ΔΙΑΔΗΛΩΣΕΩΝ

ΡΩΜΗ, 13, (Ασ. Πρές). Η αναταραχή συνεχίζεται εις την Ιταλίαν συνεπεία των απεργιών και των διαδηλώσεων. Η αναταραχή συνεχίζεται εις την Ιταλίαν συνεπεία των απεργιών και των διαδηλώσεων. Η αναταραχή συνεχίζεται εις την Ιταλίαν συνεπεία των απεργιών και των διαδηλώσεων. Η αναταραχή συνεχίζεται εις την Ιταλίαν συνεπεία των απεργιών και των διαδηλώσεων. Η αναταραχή συνεχίζεται εις την Ιταλίαν συνεπεία των απεργιών και των διαδηλώσεων. Η αναταραχή συνεχίζεται εις την Ιταλίαν συνεπεία των απεργιών και των διαδηλώσεων.
